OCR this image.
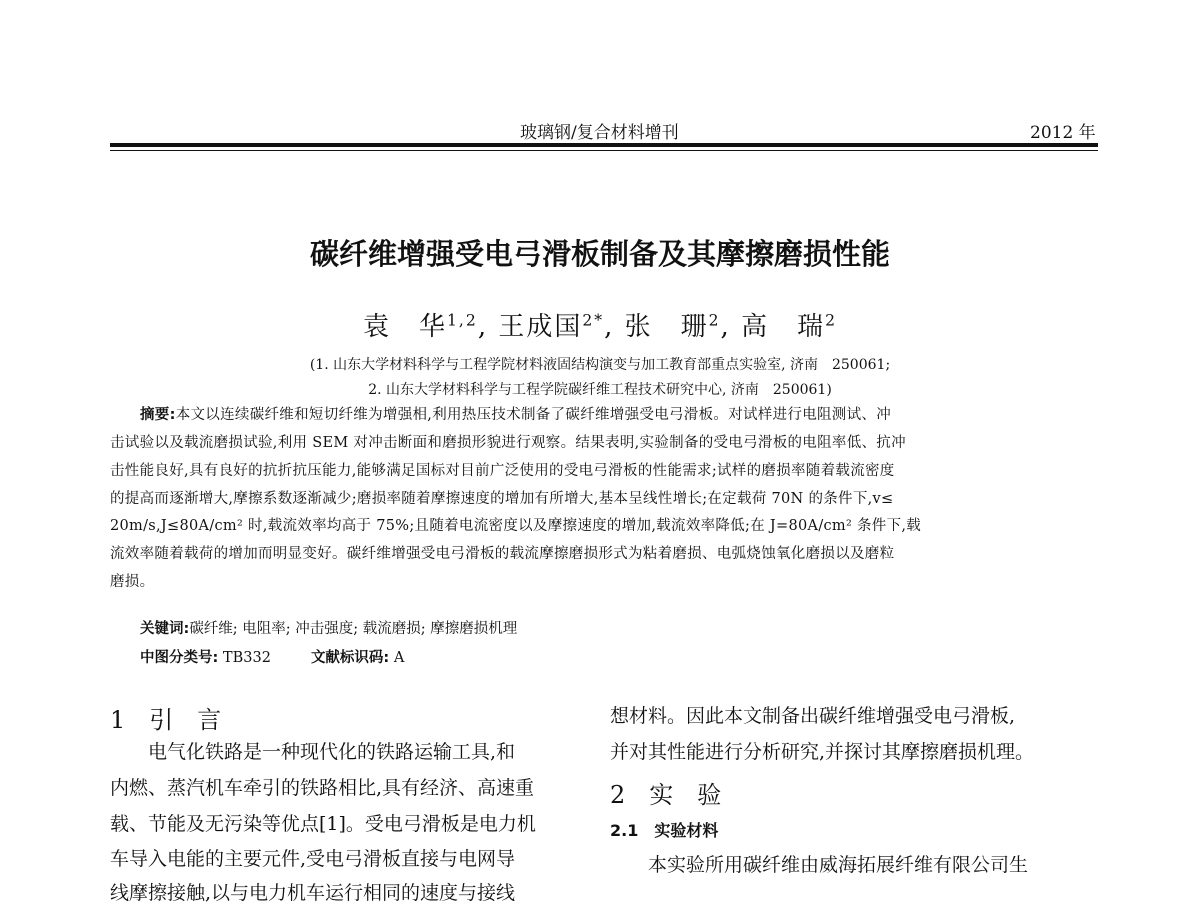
玻璃钢/复合材料增刊	2012 年
碳纤维增强受电弓滑板制备及其摩擦磨损性能
袁　华$^{1,2}$, 王成国$^{2*}$, 张　珊$^2$, 高　瑞$^2$
(1. 山东大学材料科学与工程学院材料液固结构演变与加工教育部重点实验室, 济南　250061;
2. 山东大学材料科学与工程学院碳纤维工程技术研究中心, 济南　250061)
摘要:本文以连续碳纤维和短切纤维为增强相,利用热压技术制备了碳纤维增强受电弓滑板。对试样进行电阻测试、冲
击试验以及载流磨损试验,利用 SEM 对冲击断面和磨损形貌进行观察。结果表明,实验制备的受电弓滑板的电阻率低、抗冲
击性能良好,具有良好的抗折抗压能力,能够满足国标对目前广泛使用的受电弓滑板的性能需求;试样的磨损率随着载流密度
的提高而逐渐增大,摩擦系数逐渐减少;磨损率随着摩擦速度的增加有所增大,基本呈线性增长;在定载荷 70N 的条件下,v≤
20m/s,J≤80A/cm² 时,载流效率均高于 75%;且随着电流密度以及摩擦速度的增加,载流效率降低;在 J=80A/cm² 条件下,载
流效率随着载荷的增加而明显变好。碳纤维增强受电弓滑板的载流摩擦磨损形式为粘着磨损、电弧烧蚀氧化磨损以及磨粒
磨损。
关键词:碳纤维; 电阻率; 冲击强度; 载流磨损; 摩擦磨损机理
中图分类号: TB332	文献标识码: A
1　引　言
　　电气化铁路是一种现代化的铁路运输工具,和
内燃、蒸汽机车牵引的铁路相比,具有经济、高速重
载、节能及无污染等优点[1]。受电弓滑板是电力机
车导入电能的主要元件,受电弓滑板直接与电网导
线摩擦接触,以与电力机车运行相同的速度与接线
想材料。因此本文制备出碳纤维增强受电弓滑板,
并对其性能进行分析研究,并探讨其摩擦磨损机理。
2　实　验
2.1　实验材料
　　本实验所用碳纤维由威海拓展纤维有限公司生
